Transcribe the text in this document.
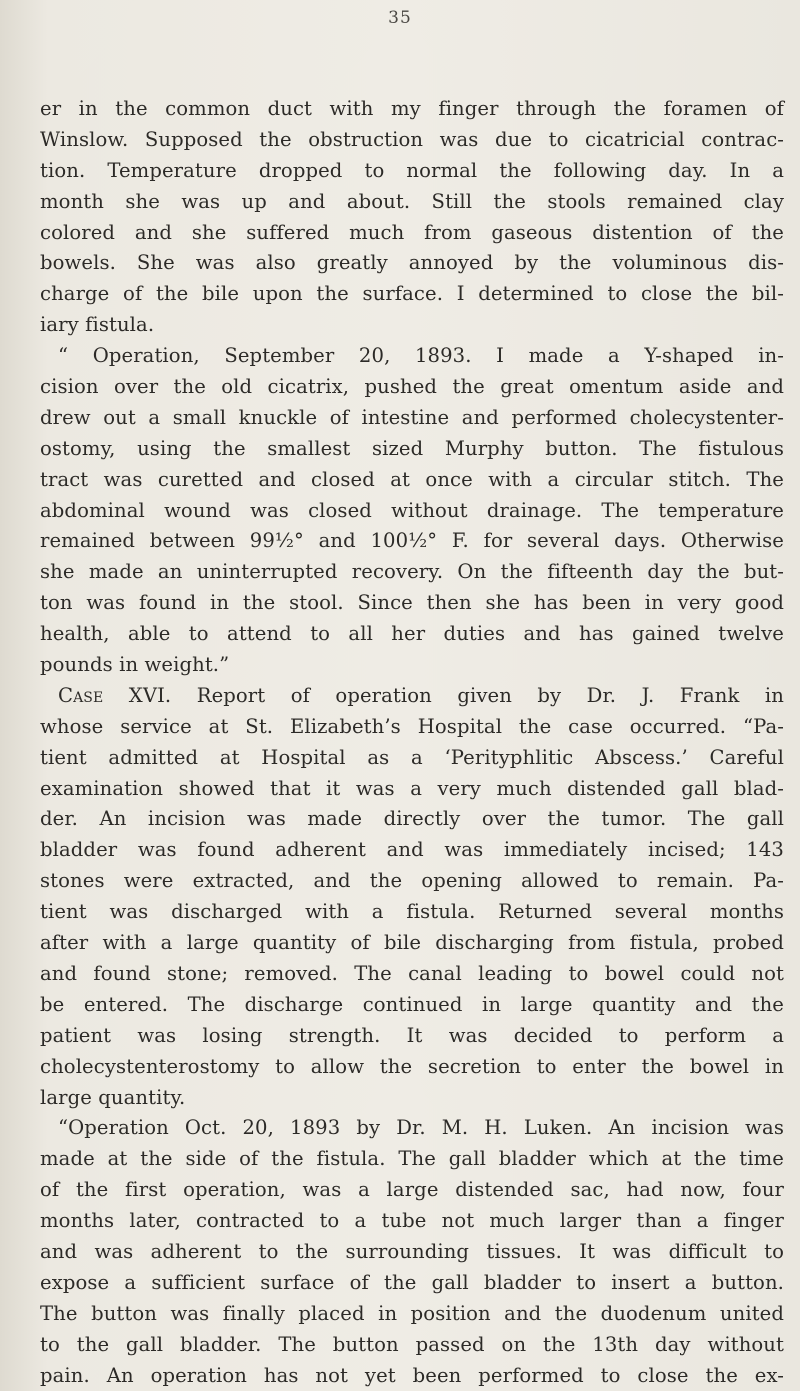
35
er in the common duct with my finger through the foramen of
Winslow. Supposed the obstruction was due to cicatricial contrac-
tion. Temperature dropped to normal the following day. In a
month she was up and about. Still the stools remained clay
colored and she suffered much from gaseous distention of the
bowels. She was also greatly annoyed by the voluminous dis-
charge of the bile upon the surface. I determined to close the bil-
iary fistula.
“ Operation, September 20, 1893. I made a Y-shaped in-
cision over the old cicatrix, pushed the great omentum aside and
drew out a small knuckle of intestine and performed cholecystenter-
ostomy, using the smallest sized Murphy button. The fistulous
tract was curetted and closed at once with a circular stitch. The
abdominal wound was closed without drainage. The temperature
remained between 99½° and 100½° F. for several days. Otherwise
she made an uninterrupted recovery. On the fifteenth day the but-
ton was found in the stool. Since then she has been in very good
health, able to attend to all her duties and has gained twelve
pounds in weight.”
Case XVI. Report of operation given by Dr. J. Frank in
whose service at St. Elizabeth’s Hospital the case occurred. “Pa-
tient admitted at Hospital as a ‘Perityphlitic Abscess.’ Careful
examination showed that it was a very much distended gall blad-
der. An incision was made directly over the tumor. The gall
bladder was found adherent and was immediately incised; 143
stones were extracted, and the opening allowed to remain. Pa-
tient was discharged with a fistula. Returned several months
after with a large quantity of bile discharging from fistula, probed
and found stone; removed. The canal leading to bowel could not
be entered. The discharge continued in large quantity and the
patient was losing strength. It was decided to perform a
cholecystenterostomy to allow the secretion to enter the bowel in
large quantity.
“Operation Oct. 20, 1893 by Dr. M. H. Luken. An incision was
made at the side of the fistula. The gall bladder which at the time
of the first operation, was a large distended sac, had now, four
months later, contracted to a tube not much larger than a finger
and was adherent to the surrounding tissues. It was difficult to
expose a sufficient surface of the gall bladder to insert a button.
The button was finally placed in position and the duodenum united
to the gall bladder. The button passed on the 13th day without
pain. An operation has not yet been performed to close the ex-
